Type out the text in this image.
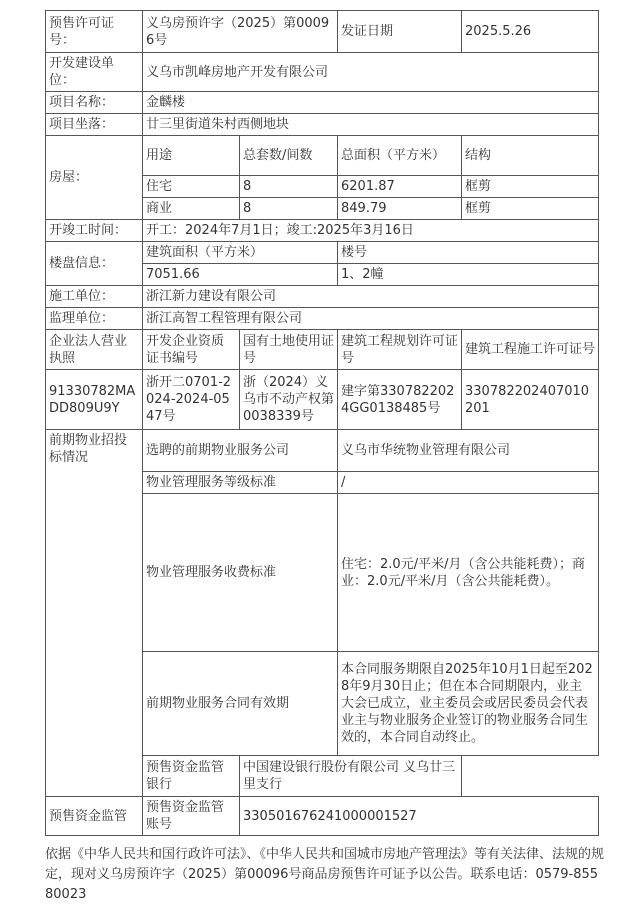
预售许可证号：	义乌房预许字（2025）第00096号		发证日期	2025.5.26
开发建设单位：	义乌市凯峰房地产开发有限公司			
项目名称：	金麟楼			
项目坐落：	廿三里街道朱村西侧地块			
房屋：	用途	总套数/间数	总面积（平方米）	结构
	住宅	8	6201.87	框剪
	商业	8	849.79	框剪
开竣工时间：	开工：2024年7月1日；竣工:2025年3月16日			
楼盘信息：	建筑面积（平方米）		楼号	
	7051.66		1、2幢	
施工单位：	浙江新力建设有限公司			
监理单位：	浙江高智工程管理有限公司			
企业法人营业执照	开发企业资质证书编号	国有土地使用证号	建筑工程规划许可证号	建筑工程施工许可证号
91330782MADD809U9Y	浙开二0701-2024-2024-0547号	浙（2024）义乌市不动产权第0038339号	建字第3307822024GG0138485号	330782202407010201
前期物业招投标情况	选聘的前期物业服务公司		义乌市华统物业管理有限公司	
	物业管理服务等级标准		/	
	物业管理服务收费标准		住宅：2.0元/平米/月（含公共能耗费）；商业：2.0元/平米/月（含公共能耗费）。	
	前期物业服务合同有效期		本合同服务期限自2025年10月1日起至2028年9月30日止；但在本合同期限内，业主大会已成立，业主委员会或居民委员会代表业主与物业服务企业签订的物业服务合同生效的，本合同自动终止。	
	预售资金监管银行	中国建设银行股份有限公司 义乌廿三里支行		
预售资金监管	预售资金监管账号	330501676241000001527		
依据《中华人民共和国行政许可法》、《中华人民共和国城市房地产管理法》等有关法律、法规的规定，现对义乌房预许字（2025）第00096号商品房预售许可证予以公告。联系电话：0579-85580023
